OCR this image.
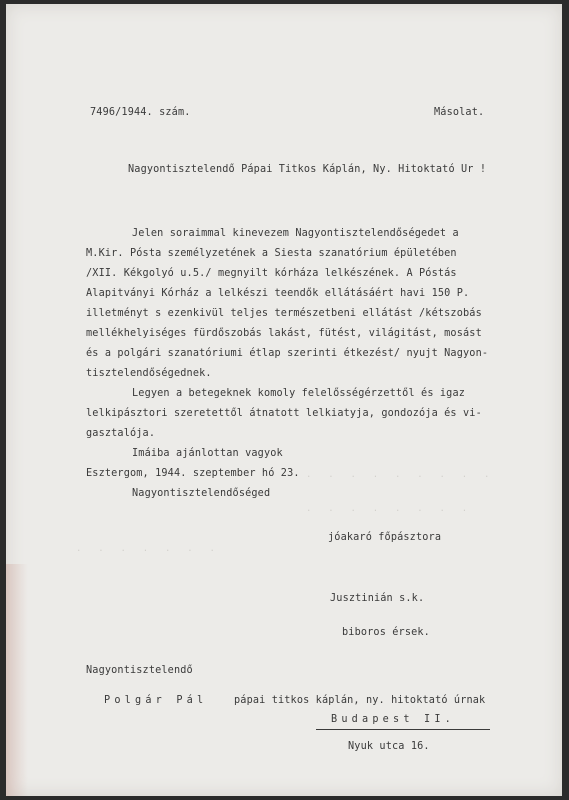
7496/1944. szám.	Másolat.
Nagyontisztelendő Pápai Titkos Káplán, Ny. Hitoktató Ur !
Jelen soraimmal kinevezem Nagyontisztelendőségedet a
M.Kir. Pósta személyzetének a Siesta szanatórium épületében
/XII. Kékgolyó u.5./ megnyilt kórháza lelkészének. A Póstás
Alapitványi Kórház a lelkészi teendők ellátásáért havi 150 P.
illetményt s ezenkivül teljes természetbeni ellátást /kétszobás
mellékhelyiséges fürdőszobás lakást, fütést, világitást, mosást
és a polgári szanatóriumi étlap szerinti étkezést/ nyujt Nagyon-
tisztelendőségednek.
Legyen a betegeknek komoly felelősségérzettől és igaz
lelkipásztori szeretettől átnatott lelkiatyja, gondozója és vi-
gasztalója.
Imáiba ajánlottan vagyok
Esztergom, 1944. szeptember hó 23.
Nagyontisztelendőséged
.  .  .  .  .  .  .  .  .
.  .  .  .  .  .  .  .
.  .  .  .  .  .  .
jóakaró főpásztora
Jusztinián s.k.
biboros érsek.
Nagyontisztelendő
Polgár Pál	pápai titkos káplán, ny. hitoktató úrnak
Budapest II.
Nyuk utca 16.
